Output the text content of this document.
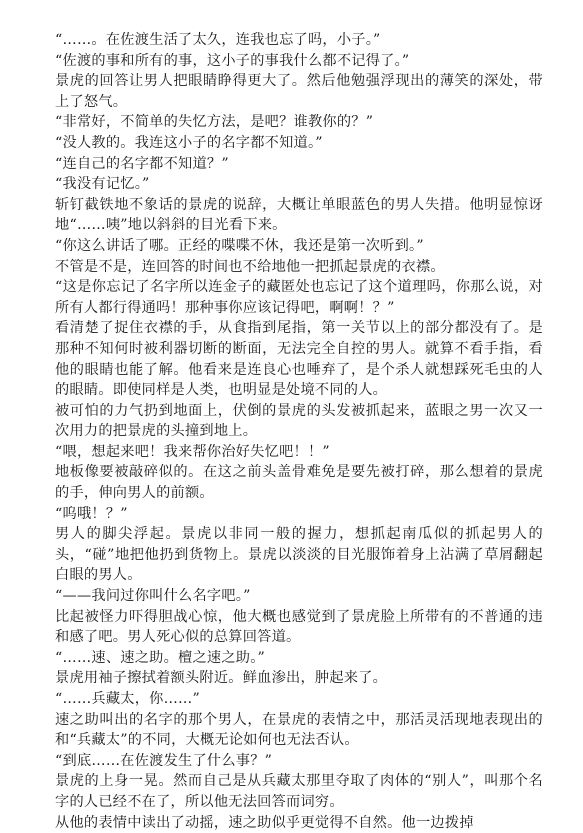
“……。在佐渡生活了太久，连我也忘了吗，小子。”

“佐渡的事和所有的事，这小子的事我什么都不记得了。”

景虎的回答让男人把眼睛睁得更大了。然后他勉强浮现出的薄笑的深处，带上了怒气。

“非常好，不简单的失忆方法，是吧？谁教你的？”

“没人教的。我连这小子的名字都不知道。”

“连自己的名字都不知道？”

“我没有记忆。”

斩钉截铁地不象话的景虎的说辞，大概让单眼蓝色的男人失措。他明显惊讶地“……咦”地以斜斜的目光看下来。

“你这么讲话了哪。正经的喋喋不休，我还是第一次听到。”

不管是不是，连回答的时间也不给地他一把抓起景虎的衣襟。

“这是你忘记了名字所以连金子的藏匿处也忘记了这个道理吗，你那么说，对所有人都行得通吗！那种事你应该记得吧，啊啊！？”

看清楚了捉住衣襟的手，从食指到尾指，第一关节以上的部分都没有了。是那种不知何时被利器切断的断面，无法完全自控的男人。就算不看手指，看他的眼睛也能了解。他看来是连良心也唾弃了，是个杀人就想踩死毛虫的人的眼睛。即使同样是人类，也明显是处境不同的人。

被可怕的力气扔到地面上，伏倒的景虎的头发被抓起来，蓝眼之男一次又一次用力的把景虎的头撞到地上。

“喂，想起来吧！我来帮你治好失忆吧！！”

地板像要被敲碎似的。在这之前头盖骨难免是要先被打碎，那么想着的景虎的手，伸向男人的前额。

“呜哦！？”

男人的脚尖浮起。景虎以非同一般的握力，想抓起南瓜似的抓起男人的头，“碰”地把他扔到货物上。景虎以淡淡的目光服饰着身上沾满了草屑翻起白眼的男人。

“——我问过你叫什么名字吧。”

比起被怪力吓得胆战心惊，他大概也感觉到了景虎脸上所带有的不普通的违和感了吧。男人死心似的总算回答道。

“……速、速之助。檀之速之助。”

景虎用袖子擦拭着额头附近。鲜血渗出，肿起来了。

“……兵藏太，你……”

速之助叫出的名字的那个男人，在景虎的表情之中，那活灵活现地表现出的和“兵藏太”的不同，大概无论如何也无法否认。

“到底……在佐渡发生了什么事？”

景虎的上身一晃。然而自己是从兵藏太那里夺取了肉体的“别人”，叫那个名字的人已经不在了，所以他无法回答而词穷。

从他的表情中读出了动摇，速之助似乎更觉得不自然。他一边拨掉
